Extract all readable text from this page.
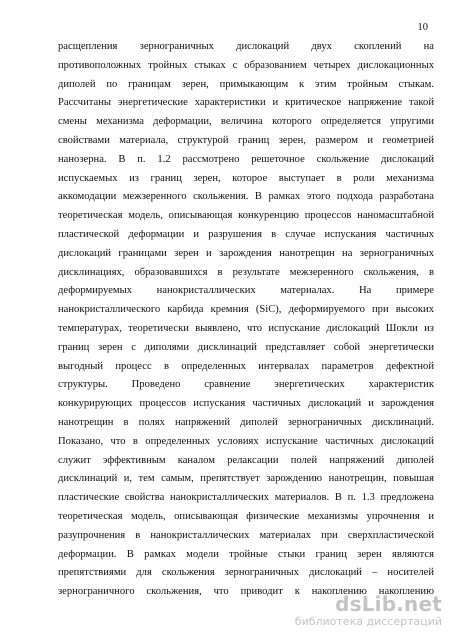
10
расщепления зернограничных дислокаций двух скоплений на
противоположных тройных стыках с образованием четырех дислокационных
диполей по границам зерен, примыкающим к этим тройным стыкам.
Рассчитаны энергетические характеристики и критическое напряжение такой
смены механизма деформации, величина которого определяется упругими
свойствами материала, структурой границ зерен, размером и геометрией
нанозерна. В п. 1.2 рассмотрено решеточное скольжение дислокаций
испускаемых из границ зерен, которое выступает в роли механизма
аккомодации межзеренного скольжения. В рамках этого подхода разработана
теоретическая модель, описывающая конкуренцию процессов наномасштабной
пластической деформации и разрушения в случае испускания частичных
дислокаций границами зерен и зарождения нанотрещин на зернограничных
дисклинациях, образовавшихся в результате межзеренного скольжения, в
деформируемых нанокристаллических материалах. На примере
нанокристаллического карбида кремния (SiC), деформируемого при высоких
температурах, теоретически выявлено, что испускание дислокаций Шокли из
границ зерен с диполями дисклинаций представляет собой энергетически
выгодный процесс в определенных интервалах параметров дефектной
структуры. Проведено сравнение энергетических характеристик
конкурирующих процессов испускания частичных дислокаций и зарождения
нанотрещин в полях напряжений диполей зернограничных дисклинаций.
Показано, что в определенных условиях испускание частичных дислокаций
служит эффективным каналом релаксации полей напряжений диполей
дисклинаций и, тем самым, препятствует зарождению нанотрещин, повышая
пластические свойства нанокристаллических материалов. В п. 1.3 предложена
теоретическая модель, описывающая физические механизмы упрочнения и
разупрочнения в нанокристаллических материалах при сверхпластической
деформации. В рамках модели тройные стыки границ зерен являются
препятствиями для скольжения зернограничных дислокаций – носителей
зернограничного скольжения, что приводит к накоплению накоплению
dsLib.net
библиотека диссертаций
